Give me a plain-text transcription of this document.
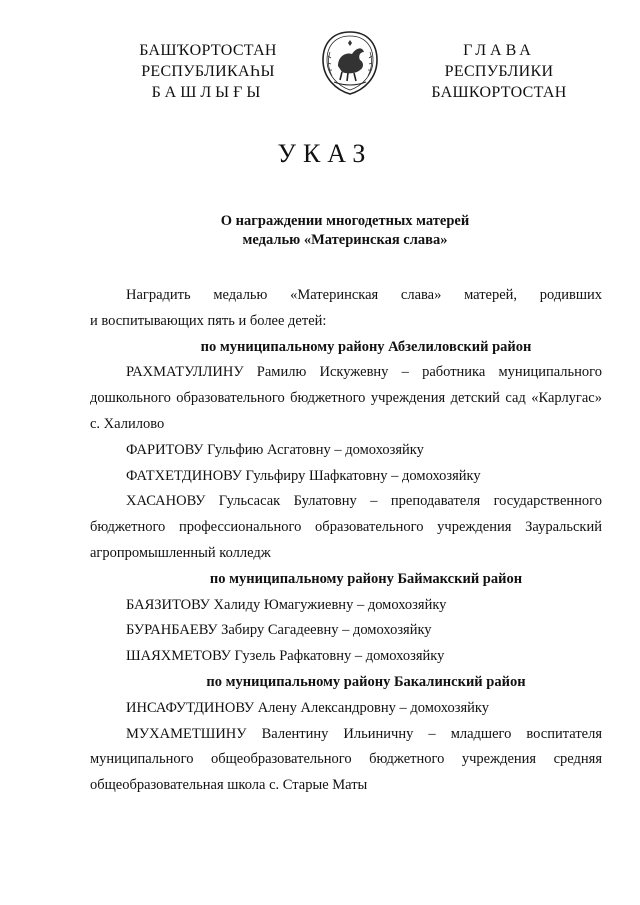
БАШҠОРТОСТАН
РЕСПУБЛИКАҺЫ
БАШЛЫҒЫ
ГЛАВА
РЕСПУБЛИКИ
БАШКОРТОСТАН
УКАЗ
О награждении многодетных матерей
медалью «Материнская слава»
Наградить медалью «Материнская слава» матерей, родивших
и воспитывающих пять и более детей:
по муниципальному району Абзелиловский район
РАХМАТУЛЛИНУ Рамилю Искужевну – работника муниципального дошкольного образовательного бюджетного учреждения детский сад «Карлугас» с. Халилово
ФАРИТОВУ Гульфию Асгатовну – домохозяйку
ФАТХЕТДИНОВУ Гульфиру Шафкатовну – домохозяйку
ХАСАНОВУ Гульсасак Булатовну – преподавателя государственного бюджетного профессионального образовательного учреждения Зауральский агропромышленный колледж
по муниципальному району Баймакский район
БАЯЗИТОВУ Халиду Юмагужиевну – домохозяйку
БУРАНБАЕВУ Забиру Сагадеевну – домохозяйку
ШАЯХМЕТОВУ Гузель Рафкатовну – домохозяйку
по муниципальному району Бакалинский район
ИНСАФУТДИНОВУ Алену Александровну – домохозяйку
МУХАМЕТШИНУ Валентину Ильиничну – младшего воспитателя муниципального общеобразовательного бюджетного учреждения средняя общеобразовательная школа с. Старые Маты
